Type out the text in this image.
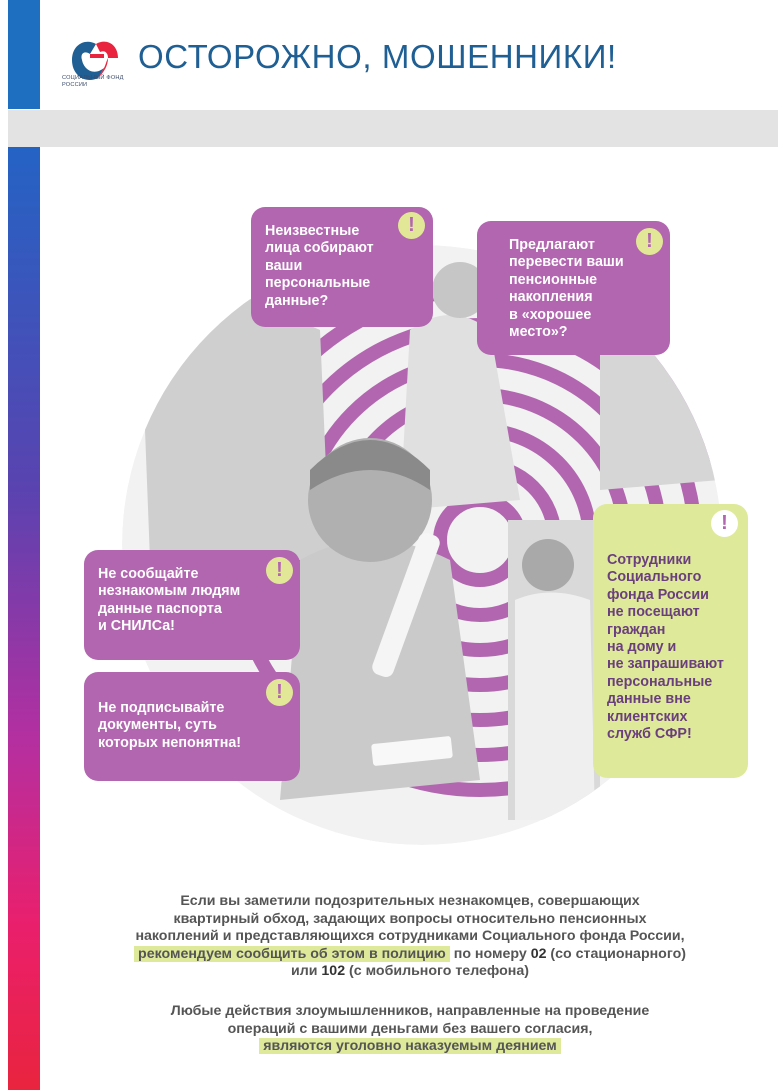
СОЦИАЛЬНЫЙ ФОНД РОССИИ
ОСТОРОЖНО, МОШЕННИКИ!
Неизвестные
лица собирают
ваши
персональные
данные?
!
Предлагают
перевести ваши
пенсионные
накопления
в «хорошее
место»?
!
Не сообщайте
незнакомым людям
данные паспорта
и СНИЛСа!
!
Не подписывайте
документы, суть
которых непонятна!
!
Сотрудники
Социального
фонда России
не посещают
граждан
на дому и
не запрашивают
персональные
данные вне
клиентских
служб СФР!
!
Если вы заметили подозрительных незнакомцев, совершающих
квартирный обход, задающих вопросы относительно пенсионных
накоплений и представляющихся сотрудниками Социального фонда России,
рекомендуем сообщить об этом в полицию по номеру 02 (со стационарного)
или 102 (с мобильного телефона)
Любые действия злоумышленников, направленные на проведение
операций с вашими деньгами без вашего согласия,
являются уголовно наказуемым деянием
